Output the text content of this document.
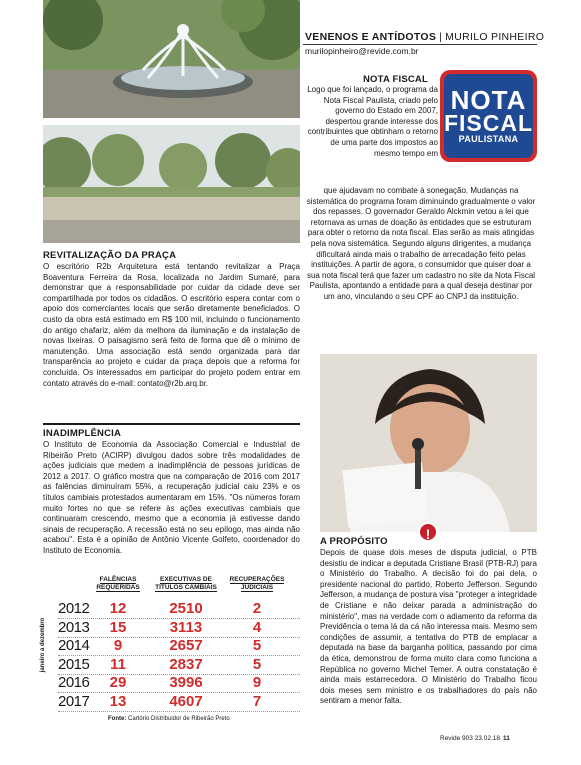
VENENOS E ANTÍDOTOS | MURILO PINHEIRO
murilopinheiro@revide.com.br
NOTA FISCAL
Logo que foi lançado, o programa da Nota Fiscal Paulista, criado pelo governo do Estado em 2007, despertou grande interesse dos contribuintes que obtinham o retorno de uma parte dos impostos ao mesmo tempo em
que ajudavam no combate à sonegação. Mudanças na sistemática do programa foram diminuindo gradualmente o valor dos repasses. O governador Geraldo Alckmin vetou a lei que retornava as urnas de doação às entidades que se estruturam para obter o retorno da nota fiscal. Elas serão as mais atingidas pela nova sistemática. Segundo alguns dirigentes, a mudança dificultará ainda mais o trabalho de arrecadação feito pelas instituições. A partir de agora, o consumidor que quiser doar a sua nota fiscal terá que fazer um cadastro no site da Nota Fiscal Paulista, apontando a entidade para a qual deseja destinar por um ano, vinculando o seu CPF ao CNPJ da instituição.
NOTA
FISCAL
PAULISTANA
REVITALIZAÇÃO DA PRAÇA
O escritório R2b Arquitetura está tentando revitalizar a Praça Boaventura Ferreira da Rosa, localizada no Jardim Sumaré, para demonstrar que a responsabilidade por cuidar da cidade deve ser compartilhada por todos os cidadãos. O escritório espera contar com o apoio dos comerciantes locais que serão diretamente beneficiados. O custo da obra está estimado em R$ 100 mil, incluindo o funcionamento do antigo chafariz, além da melhora da iluminação e da instalação de novas lixeiras. O paisagismo será feito de forma que dê o mínimo de manutenção. Uma associação está sendo organizada para dar transparência ao projeto e cuidar da praça depois que a reforma for concluída. Os interessados em participar do projeto podem entrar em contato através do e-mail: contato@r2b.arq.br.
INADIMPLÊNCIA
O Instituto de Economia da Associação Comercial e Industrial de Ribeirão Preto (ACIRP) divulgou dados sobre três modalidades de ações judiciais que medem a inadimplência de pessoas jurídicas de 2012 a 2017. O gráfico mostra que na comparação de 2016 com 2017 as falências diminuíram 55%, a recuperação judicial caiu 23% e os títulos cambiais protestados aumentaram em 15%. "Os números foram muito fortes no que se refere às ações executivas cambiais que continuaram crescendo, mesmo que a economia já estivesse dando sinais de recuperação. A recessão está no seu epílogo, mas ainda não acabou". Esta é a opinião de Antônio Vicente Golfeto, coordenador do Instituto de Economia.
FALÊNCIAS REQUERIDAS
EXECUTIVAS DE TÍTULOS CAMBIAIS
RECUPERAÇÕES JUDICIAIS
janeiro a dezembro
2012	12	2510	2
2013	15	3113	4
2014	9	2657	5
2015	11	2837	5
2016	29	3996	9
2017	13	4607	7
Fonte: Cartório Distribuidor de Ribeirão Preto
!
A PROPÓSITO
Depois de quase dois meses de disputa judicial, o PTB desistiu de indicar a deputada Cristiane Brasil (PTB-RJ) para o Ministério do Trabalho. A decisão foi do pai dela, o presidente nacional do partido, Roberto Jefferson. Segundo Jefferson, a mudança de postura visa "proteger a integridade de Cristiane e não deixar parada a administração do ministério", mas na verdade com o adiamento da reforma da Previdência o tema lá da cá não interessa mais. Mesmo sem condições de assumir, a tentativa do PTB de emplacar a deputada na base da barganha política, passando por cima da ética, demonstrou de forma muito clara como funciona a República no governo Michel Temer. A outra constatação é ainda mais estarrecedora. O Ministério do Trabalho ficou dois meses sem ministro e os trabalhadores do país não sentiram a menor falta.
Revide 903 23.02.18 11
